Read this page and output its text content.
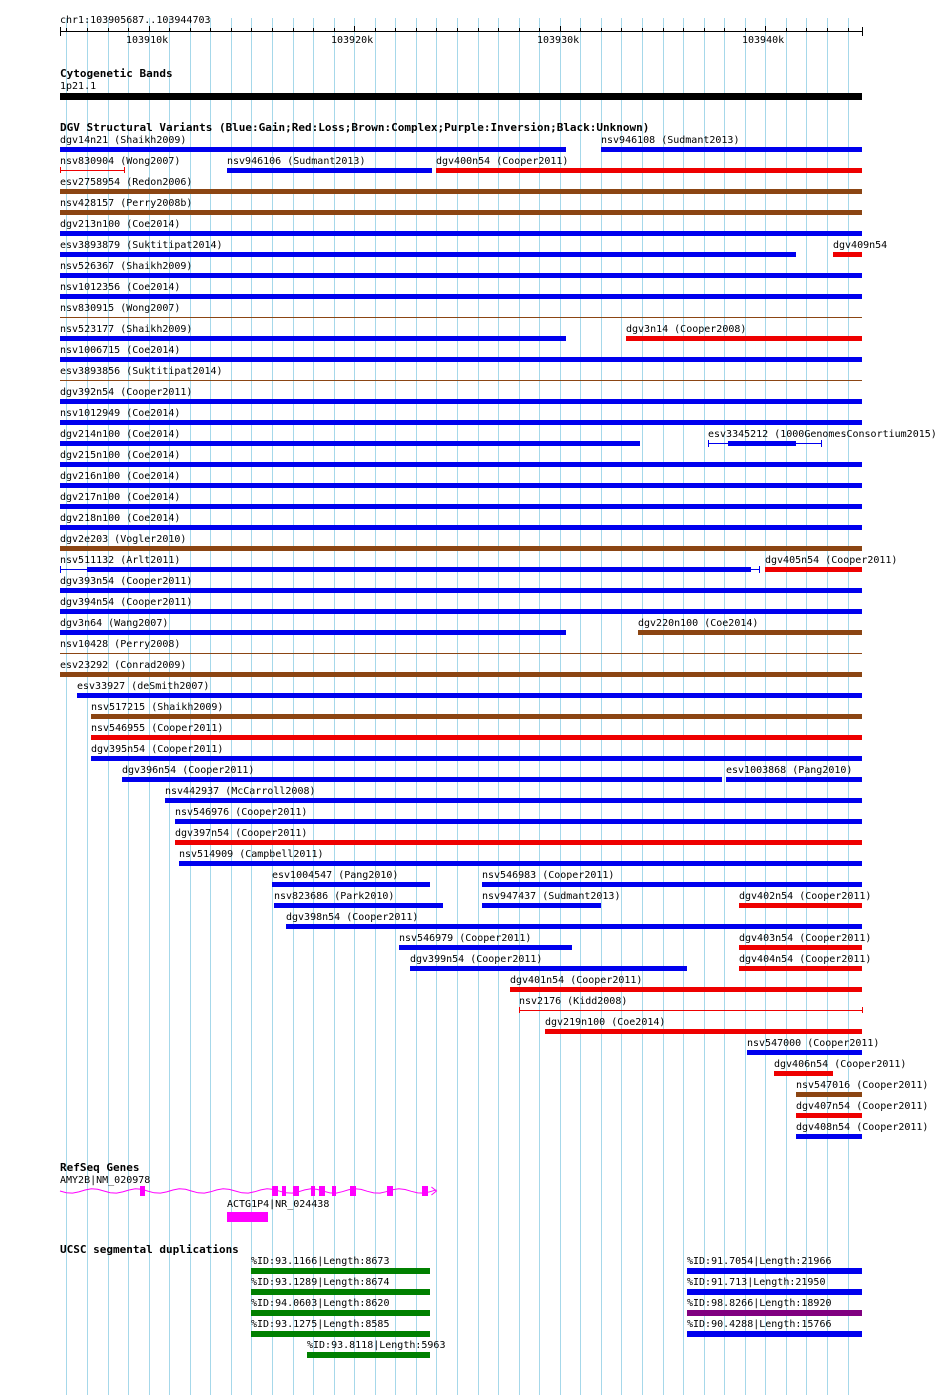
chr1:103905687..103944703
103910k	103920k	103930k	103940k
Cytogenetic Bands
1p21.1
DGV Structural Variants (Blue:Gain;Red:Loss;Brown:Complex;Purple:Inversion;Black:Unknown)
dgv14n21 (Shaikh2009)	nsv946108 (Sudmant2013)
nsv830904 (Wong2007)	nsv946106 (Sudmant2013)	dgv400n54 (Cooper2011)
esv2758954 (Redon2006)
nsv428157 (Perry2008b)
dgv213n100 (Coe2014)
esv3893879 (Suktitipat2014)	dgv409n54
nsv526367 (Shaikh2009)
nsv1012356 (Coe2014)
nsv830915 (Wong2007)
nsv523177 (Shaikh2009)	dgv3n14 (Cooper2008)
nsv1006715 (Coe2014)
esv3893856 (Suktitipat2014)
dgv392n54 (Cooper2011)
nsv1012949 (Coe2014)
dgv214n100 (Coe2014)	esv3345212 (1000GenomesConsortium2015)
dgv215n100 (Coe2014)
dgv216n100 (Coe2014)
dgv217n100 (Coe2014)
dgv218n100 (Coe2014)
dgv2e203 (Vogler2010)
nsv511132 (Arlt2011)	dgv405n54 (Cooper2011)
dgv393n54 (Cooper2011)
dgv394n54 (Cooper2011)
dgv3n64 (Wang2007)	dgv220n100 (Coe2014)
nsv10428 (Perry2008)
esv23292 (Conrad2009)
esv33927 (deSmith2007)
nsv517215 (Shaikh2009)
nsv546955 (Cooper2011)
dgv395n54 (Cooper2011)
dgv396n54 (Cooper2011)	esv1003868 (Pang2010)
nsv442937 (McCarroll2008)
nsv546976 (Cooper2011)
dgv397n54 (Cooper2011)
nsv514909 (Campbell2011)
esv1004547 (Pang2010)	nsv546983 (Cooper2011)
nsv823686 (Park2010)	nsv947437 (Sudmant2013)	dgv402n54 (Cooper2011)
dgv398n54 (Cooper2011)
nsv546979 (Cooper2011)	dgv403n54 (Cooper2011)
dgv399n54 (Cooper2011)	dgv404n54 (Cooper2011)
dgv401n54 (Cooper2011)
nsv2176 (Kidd2008)
dgv219n100 (Coe2014)
nsv547000 (Cooper2011)
dgv406n54 (Cooper2011)
nsv547016 (Cooper2011)
dgv407n54 (Cooper2011)
dgv408n54 (Cooper2011)
RefSeq Genes
AMY2B|NM_020978
ACTG1P4|NR_024438
UCSC segmental duplications
%ID:93.1166|Length:8673	%ID:91.7054|Length:21966
%ID:93.1289|Length:8674	%ID:91.713|Length:21950
%ID:94.0603|Length:8620	%ID:98.8266|Length:18920
%ID:93.1275|Length:8585	%ID:90.4288|Length:15766
%ID:93.8118|Length:5963
